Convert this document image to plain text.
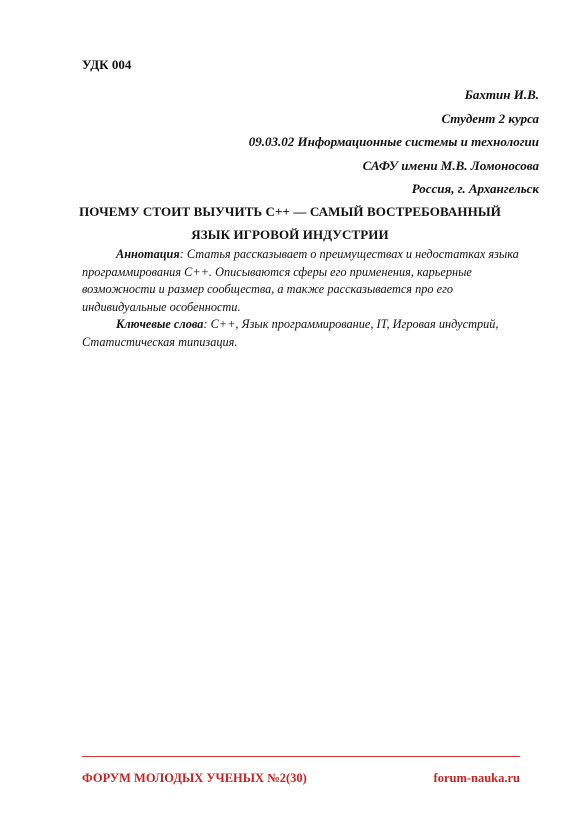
УДК 004
Бахтин И.В.
Студент 2 курса
09.03.02 Информационные системы и технологии
САФУ имени М.В. Ломоносова
Россия, г. Архангельск
ПОЧЕМУ СТОИТ ВЫУЧИТЬ С++ — САМЫЙ ВОСТРЕБОВАННЫЙ
ЯЗЫК ИГРОВОЙ ИНДУСТРИИ

Аннотация: Статья рассказывает о преимуществах и недостатках языка программирования С++. Описываются сферы его применения, карьерные возможности и размер сообщества, а также рассказывается про его индивидуальные особенности.

Ключевые слова: С++, Язык программирование, IT, Игровая индустрий, Статистическая типизация.

ФОРУМ МОЛОДЫХ УЧЕНЫХ №2(30)	forum-nauka.ru
